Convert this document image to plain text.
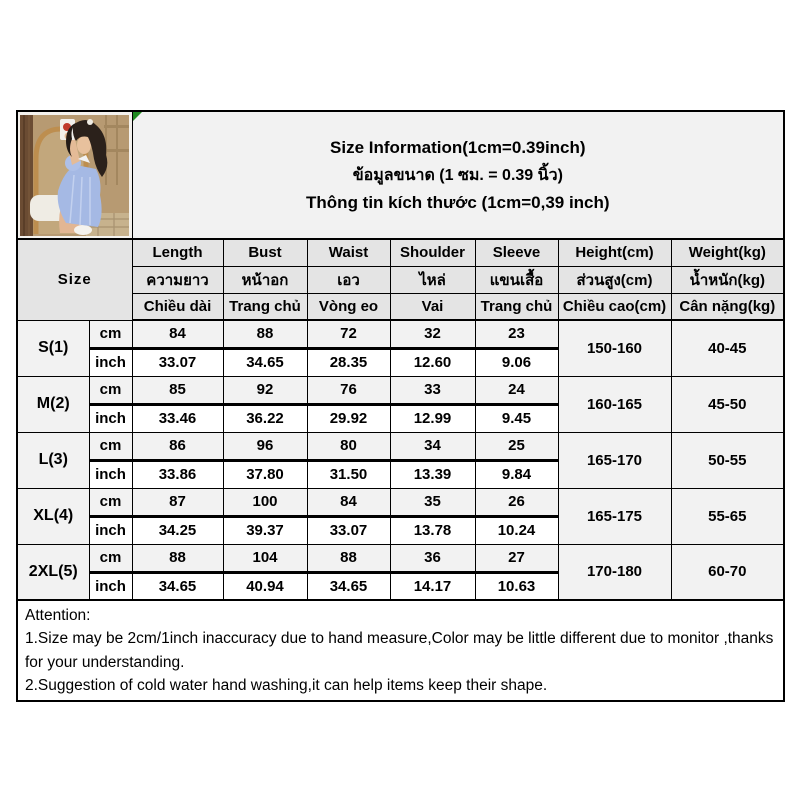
Size Information(1cm=0.39inch)
ข้อมูลขนาด (1 ซม. = 0.39 นิ้ว)
Thông tin kích thước (1cm=0,39 inch)						

Size		Length	Bust	Waist	Shoulder	Sleeve	Height(cm)	Weight(kg)
		ความยาว	หน้าอก	เอว	ไหล่	แขนเสื้อ	ส่วนสูง(cm)	น้ำหนัก(kg)
		Chiều dài	Trang chủ	Vòng eo	Vai	Trang chủ	Chiều cao(cm)	Cân nặng(kg)
S(1)	cm	84	88	72	32	23	150-160	40-45
	inch	33.07	34.65	28.35	12.60	9.06		
M(2)	cm	85	92	76	33	24	160-165	45-50
	inch	33.46	36.22	29.92	12.99	9.45		
L(3)	cm	86	96	80	34	25	165-170	50-55
	inch	33.86	37.80	31.50	13.39	9.84		
XL(4)	cm	87	100	84	35	26	165-175	55-65
	inch	34.25	39.37	33.07	13.78	10.24		
2XL(5)	cm	88	104	88	36	27	170-180	60-70
	inch	34.65	40.94	34.65	14.17	10.63		

Attention:
1.Size may be 2cm/1inch inaccuracy due to hand measure,Color may be little different due to monitor ,thanks for your understanding.
2.Suggestion of cold water hand washing,it can help items keep their shape.								
